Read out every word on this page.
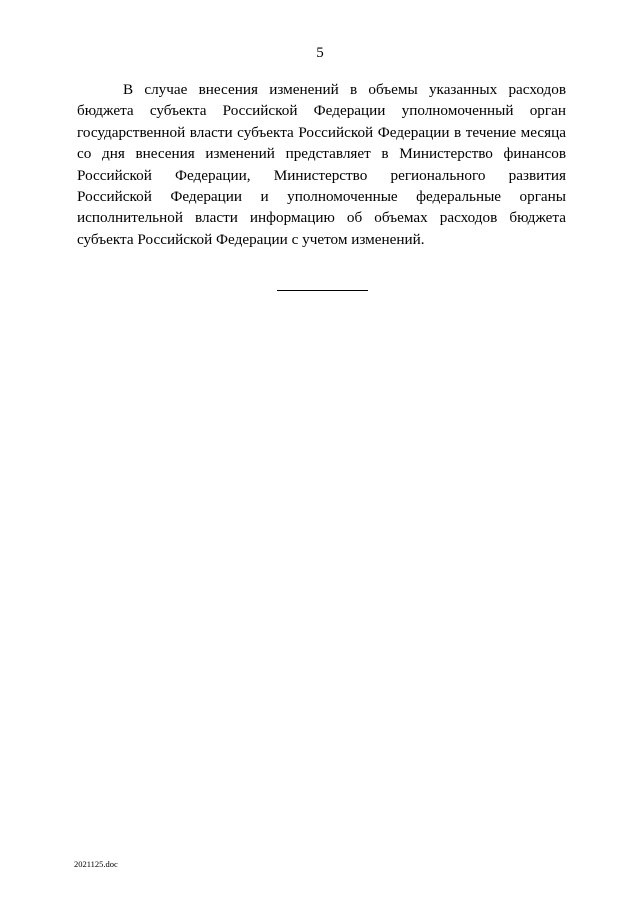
5

В случае внесения изменений в объемы указанных расходов бюджета субъекта Российской Федерации уполномоченный орган государственной власти субъекта Российской Федерации в течение месяца со дня внесения изменений представляет в Министерство финансов Российской Федерации, Министерство регионального развития Российской Федерации и уполномоченные федеральные органы исполнительной власти информацию об объемах расходов бюджета субъекта Российской Федерации с учетом изменений.

2021125.doc
